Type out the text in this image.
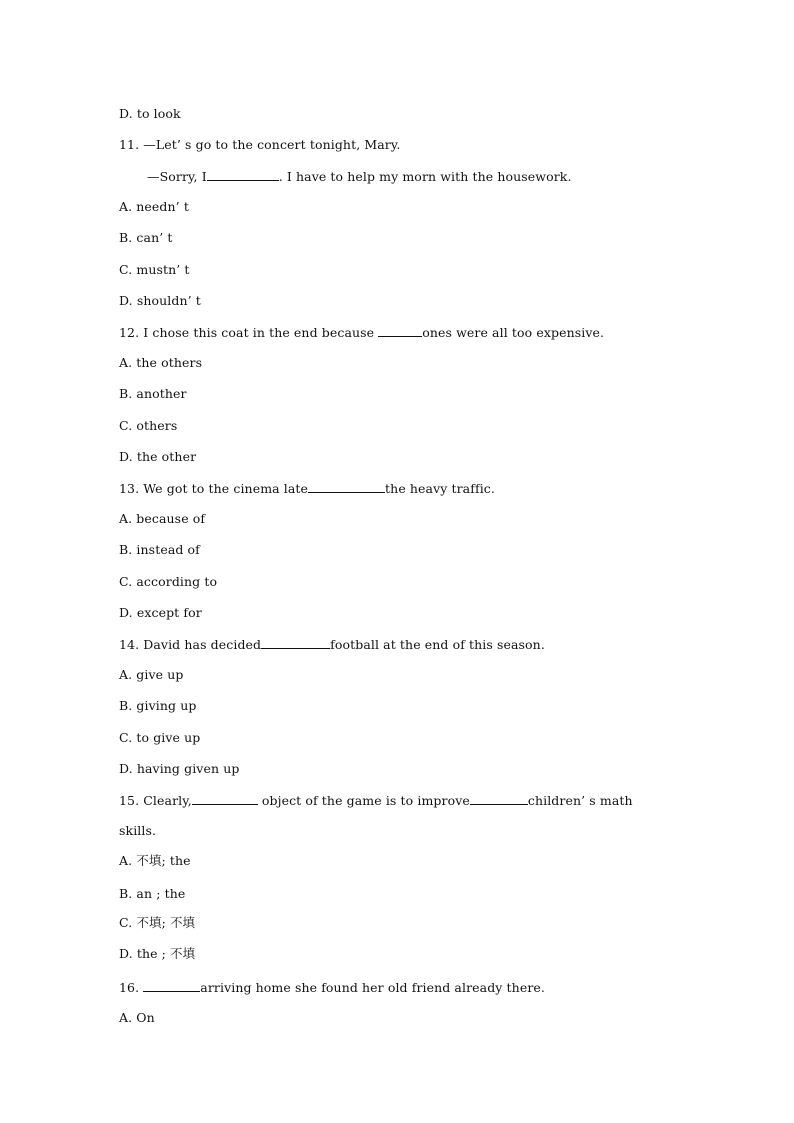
D. to look
11. —Let’ s go to the concert tonight, Mary.
—Sorry, I	. I have to help my morn with the housework.
A. needn’ t
B. can’ t
C. mustn’ t
D. shouldn’ t
12. I chose this coat in the end because	ones were all too expensive.
A. the others
B. another
C. others
D. the other
13. We got to the cinema late	the heavy traffic.
A. because of
B. instead of
C. according to
D. except for
14. David has decided	football at the end of this season.
A. give up
B. giving up
C. to give up
D. having given up
15. Clearly,	object of the game is to improve	children’ s math
skills.
A. 不填; the
B. an ; the
C. 不填; 不填
D. the ; 不填
16.	arriving home she found her old friend already there.
A. On
